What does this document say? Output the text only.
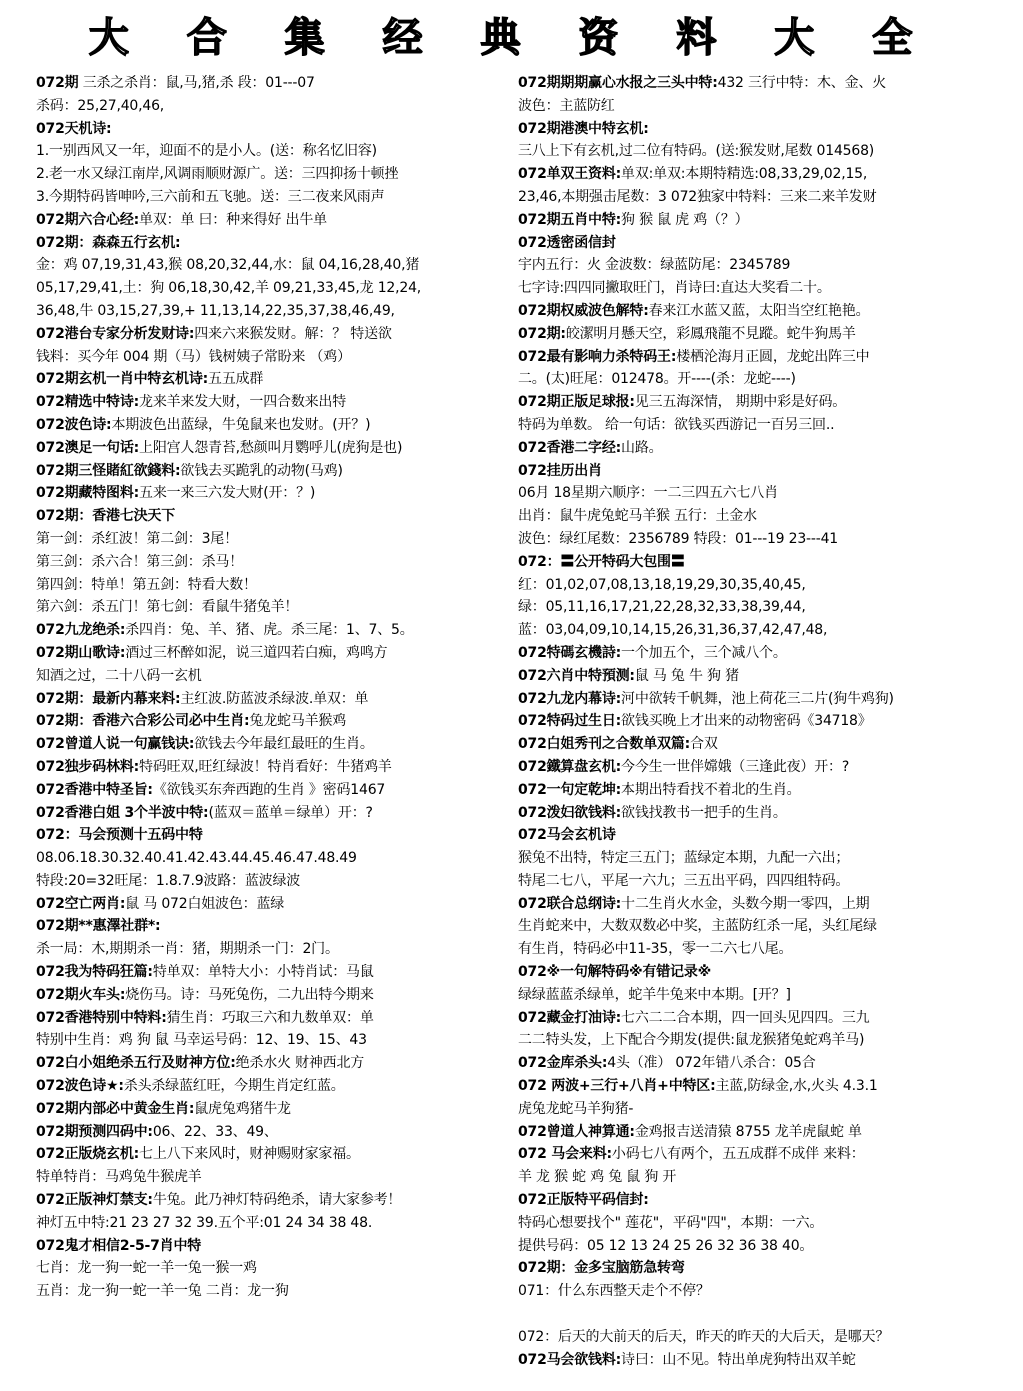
大 合 集 经 典 资 料 大 全
072期 三杀之杀肖：鼠,马,猪,杀 段：01---07
杀码：25,27,40,46,
072天机诗:
1.一别西风又一年，迎面不的是小人。(送：称名忆旧容)
2.老一水又绿江南岸,风调雨顺财源广。送：三四抑扬十顿挫
3.今期特码皆呻吟,三六前和五飞驰。送：三二夜来风雨声
072期六合心经:单双：单 曰：种来得好 出牛单
072期：森森五行玄机:
金：鸡 07,19,31,43,猴 08,20,32,44,水：鼠 04,16,28,40,猪
05,17,29,41,土：狗 06,18,30,42,羊 09,21,33,45,龙 12,24,
36,48,牛 03,15,27,39,+ 11,13,14,22,35,37,38,46,49,
072港台专家分析发财诗:四来六来猴发财。解：？ 特送欲
钱料：买今年 004 期（马）钱树姨子常盼来 （鸡）
072期玄机一肖中特玄机诗:五五成群
072精选中特诗:龙来羊来发大财，一四合数来出特
072波色诗:本期波色出蓝绿，牛兔鼠来也发财。(开？)
072澳足一句话:上阳宫人怨青苔,愁颜叫月鹦呼儿(虎狗是也)
072期三怪賭紅欲錢料:欲钱去买跪乳的动物(马鸡)
072期藏特图料:五来一来三六发大财(开：？)
072期：香港七決天下
第一剑：杀红波！第二剑：3尾！
第三剑：杀六合！第三剑：杀马！
第四剑：特单！第五剑：特看大数！
第六剑：杀五门！第七剑：看鼠牛猪兔羊！
072九龙绝杀:杀四肖：兔、羊、猪、虎。杀三尾：1、7、5。
072期山歌诗:酒过三杯醉如泥，说三道四若白痴，鸡鸣方
知酒之过，二十八码一玄机
072期：最新内幕来料:主红波.防蓝波杀绿波.单双：单
072期：香港六合彩公司必中生肖:兔龙蛇马羊猴鸡
072曾道人说一句赢钱诀:欲钱去今年最红最旺的生肖。
072独步码林料:特码旺双,旺红绿波！特肖看好：牛猪鸡羊
072香港中特圣旨:《欲钱买东奔西跑的生肖 》密码1467
072香港白姐 3个半波中特:(蓝双＝蓝单＝绿单）开：?
072：马会预测十五码中特
08.06.18.30.32.40.41.42.43.44.45.46.47.48.49
特段:20=32旺尾：1.8.7.9波路：蓝波绿波
072空亡两肖:鼠 马 072白姐波色：蓝绿
072期**惠澤社群*:
杀一局：木,期期杀一肖：猪，期期杀一门：2门。
072我为特码狂篇:特单双：单特大小：小特肖试：马鼠
072期火车头:烧伤马。诗：马死兔伤，二九出特今期来
072香港特别中特料:猜生肖：巧取三六和九数单双：单
特别中生肖：鸡 狗 鼠 马幸运号码：12、19、15、43
072白小姐绝杀五行及财神方位:绝杀水火 财神西北方
072波色诗★:杀头杀绿蓝红旺，今期生肖定红蓝。
072期内部必中黄金生肖:鼠虎兔鸡猪牛龙
072期预测四码中:06、22、33、49、
072正版烧玄机:七上八下来风时，财神赐财家家福。
特单特肖：马鸡兔牛猴虎羊
072正版神灯禁支:牛兔。此乃神灯特码绝杀，请大家参考！
神灯五中特:21 23 27 32 39.五个平:01 24 34 38 48.
072鬼才相信2-5-7肖中特
七肖：龙一狗一蛇一羊一兔一猴一鸡
五肖：龙一狗一蛇一羊一兔 二肖：龙一狗
072期期期赢心水报之三头中特:432 三行中特：木、金、火
波色：主蓝防红
072期港澳中特玄机:
三八上下有玄机,过二位有特码。(送:猴发财,尾数 014568)
072单双王资料:单双:单双:本期特精选:08,33,29,02,15,
23,46,本期强击尾数：3 072独家中特料：三来二来羊发财
072期五肖中特:狗 猴 鼠 虎 鸡（？）
072透密函信封
宇内五行：火 金波数：绿蓝防尾：2345789
七字诗:四四同撇取旺门，肖诗曰:直达大奖看二十。
072期权威波色解特:春来江水蓝又蓝，太阳当空红艳艳。
072期:皎潔明月懸天空，彩鳳飛龍不見蹤。蛇牛狗馬羊
072最有影响力杀特码王:楼栖沦海月正圆，龙蛇出阵三中
二。(太)旺尾：012478。开----(杀：龙蛇----)
072期正版足球报:见三五海深情， 期期中彩是好码。
特码为单数。 给一句话：欲钱买西游记一百另三回..
072香港二字经:山路。
072挂历出肖
06月 18星期六顺序：一二三四五六七八肖
出肖：鼠牛虎兔蛇马羊猴 五行：土金水
波色：绿红尾数：2356789 特段：01---19 23---41
072：〓公开特码大包围〓
红：01,02,07,08,13,18,19,29,30,35,40,45,
绿：05,11,16,17,21,22,28,32,33,38,39,44,
蓝：03,04,09,10,14,15,26,31,36,37,42,47,48,
072特碼玄機詩:一个加五个，三个减八个。
072六肖中特預测:鼠 马 兔 牛 狗 猪
072九龙内幕诗:河中欲转千帆舞，池上荷花三二片(狗牛鸡狗)
072特码过生日:欲钱买晚上才出来的动物密码《34718》
072白姐秀刊之合数单双篇:合双
072鐵算盘玄机:今今生一世伴嫦娥（三逢此夜）开：?
072一句定乾坤:本期出特看找不着北的生肖。
072泼妇欲钱料:欲钱找教书一把手的生肖。
072马会玄机诗
猴兔不出特，特定三五门；蓝绿定本期，九配一六出；
特尾二七八，平尾一六九；三五出平码，四四组特码。
072联合总纲诗:十二生肖火水金，头数今期一零四，上期
生肖蛇来中，大数双数必中奖，主蓝防红杀一尾，头红尾绿
有生肖，特码必中11-35，零一二六七八尾。
072※一句解特码※有错记录※
绿绿蓝蓝杀绿单，蛇羊牛兔来中本期。[开？]
072藏金打油诗:七六二二合本期，四一回头见四四。三九
二二特头发，上下配合今期发(提供:鼠龙猴猪兔蛇鸡羊马)
072金库杀头:4头（准） 072年错八杀合：05合
072 两波+三行+八肖+中特区:主蓝,防绿金,水,火头 4.3.1
虎兔龙蛇马羊狗猪-
072曾道人神算通:金鸡报吉送清猿 8755 龙羊虎鼠蛇 单
072 马会来料:小码七八有两个，五五成群不成伴 来料：
羊 龙 猴 蛇 鸡 兔 鼠 狗 开
072正版特平码信封:
特码心想要找个" 莲花"，平码"四"，本期：一六。
提供号码：05 12 13 24 25 26 32 36 38 40。
072期：金多宝脑筋急转弯
071：什么东西整天走个不停？
072：后天的大前天的后天，昨天的昨天的大后天，是哪天？
072马会欲钱料:诗曰：山不见。特出单虎狗特出双羊蛇
